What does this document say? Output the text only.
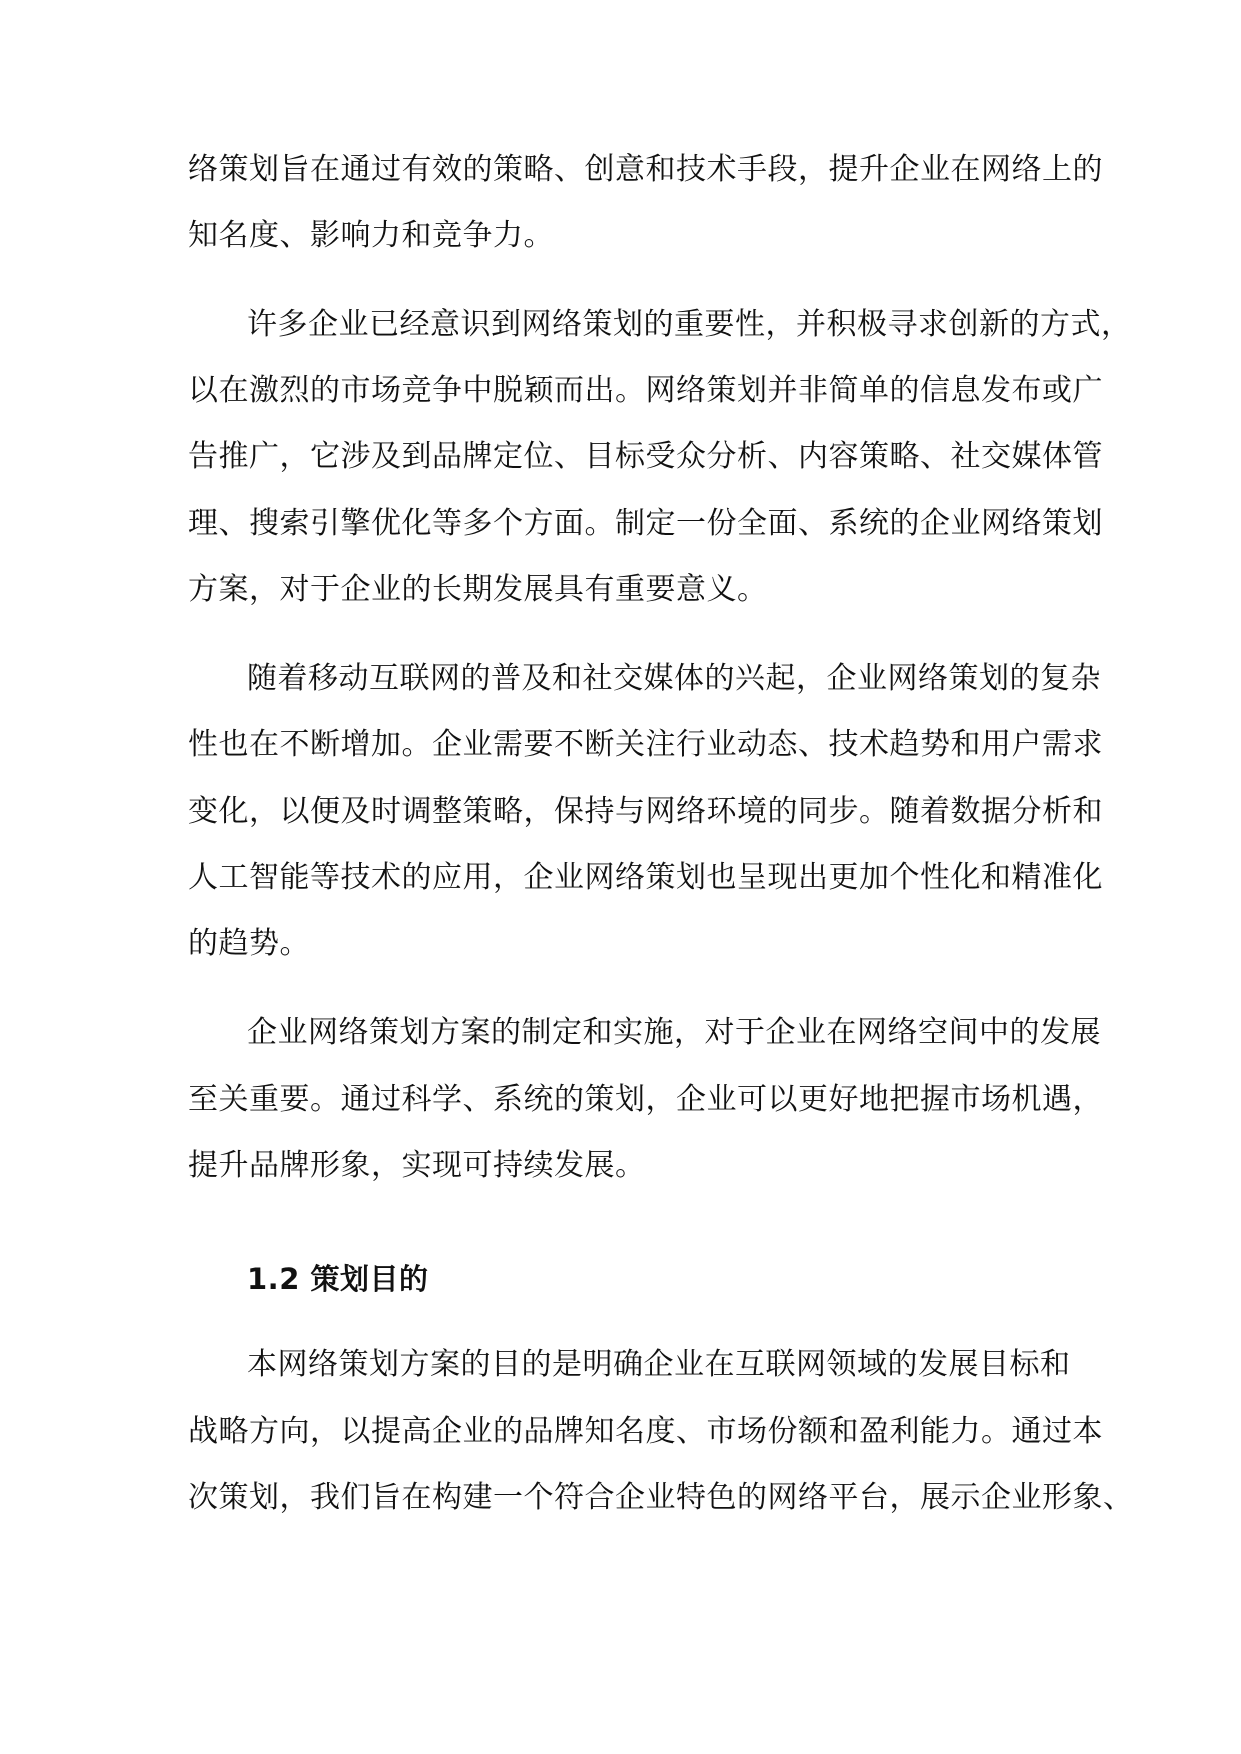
络策划旨在通过有效的策略、创意和技术手段，提升企业在网络上的
知名度、影响力和竞争力。
许多企业已经意识到网络策划的重要性，并积极寻求创新的方式，
以在激烈的市场竞争中脱颖而出。网络策划并非简单的信息发布或广
告推广，它涉及到品牌定位、目标受众分析、内容策略、社交媒体管
理、搜索引擎优化等多个方面。制定一份全面、系统的企业网络策划
方案，对于企业的长期发展具有重要意义。
随着移动互联网的普及和社交媒体的兴起，企业网络策划的复杂
性也在不断增加。企业需要不断关注行业动态、技术趋势和用户需求
变化，以便及时调整策略，保持与网络环境的同步。随着数据分析和
人工智能等技术的应用，企业网络策划也呈现出更加个性化和精准化
的趋势。
企业网络策划方案的制定和实施，对于企业在网络空间中的发展
至关重要。通过科学、系统的策划，企业可以更好地把握市场机遇，
提升品牌形象，实现可持续发展。
1.2 策划目的
本网络策划方案的目的是明确企业在互联网领域的发展目标和
战略方向，以提高企业的品牌知名度、市场份额和盈利能力。通过本
次策划，我们旨在构建一个符合企业特色的网络平台，展示企业形象、
